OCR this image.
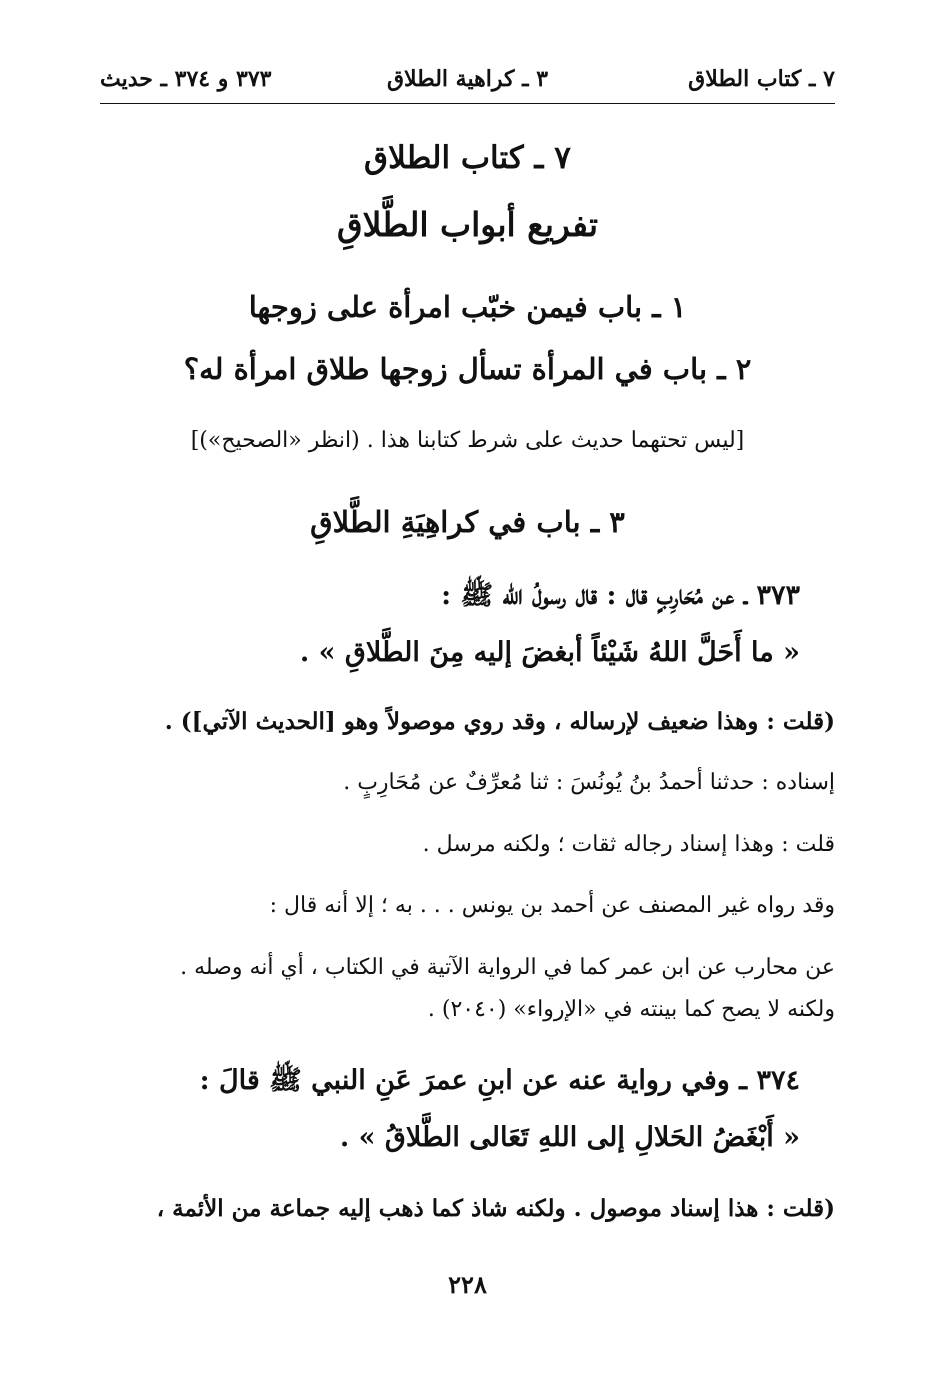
٧ ـ كتاب الطلاق
٣ ـ كراهية الطلاق
٣٧٣ و ٣٧٤ ـ حديث
٧ ـ كتاب الطلاق
تفريع أبواب الطَّلاقِ
١ ـ باب فيمن خبّب امرأة على زوجها
٢ ـ باب في المرأة تسأل زوجها طلاق امرأة له؟
[ليس تحتهما حديث على شرط كتابنا هذا . (انظر «الصحيح»)]
٣ ـ باب في كراهِيَةِ الطَّلاقِ
٣٧٣ ـ عن مُحَارِبٍ قال : قال رسولُ الله ﷺ :
« ما أَحَلَّ اللهُ شَيْئاً أبغضَ إليه مِنَ الطَّلاقِ » .
(قلت : وهذا ضعيف لإرساله ، وقد روي موصولاً وهو [الحديث الآتي]) .
إسناده : حدثنا أحمدُ بنُ يُونُسَ : ثنا مُعرِّفٌ عن مُحَارِبٍ .
قلت : وهذا إسناد رجاله ثقات ؛ ولكنه مرسل .
وقد رواه غير المصنف عن أحمد بن يونس . . . به ؛ إلا أنه قال :
عن محارب عن ابن عمر كما في الرواية الآتية في الكتاب ، أي أنه وصله .
ولكنه لا يصح كما بينته في «الإرواء» (٢٠٤٠) .
٣٧٤ ـ وفي رواية عنه عن ابنِ عمرَ عَنِ النبي ﷺ قالَ :
« أَبْغَضُ الحَلالِ إلى اللهِ تَعَالى الطَّلاقُ » .
(قلت : هذا إسناد موصول . ولكنه شاذ كما ذهب إليه جماعة من الأئمة ،
٢٢٨
